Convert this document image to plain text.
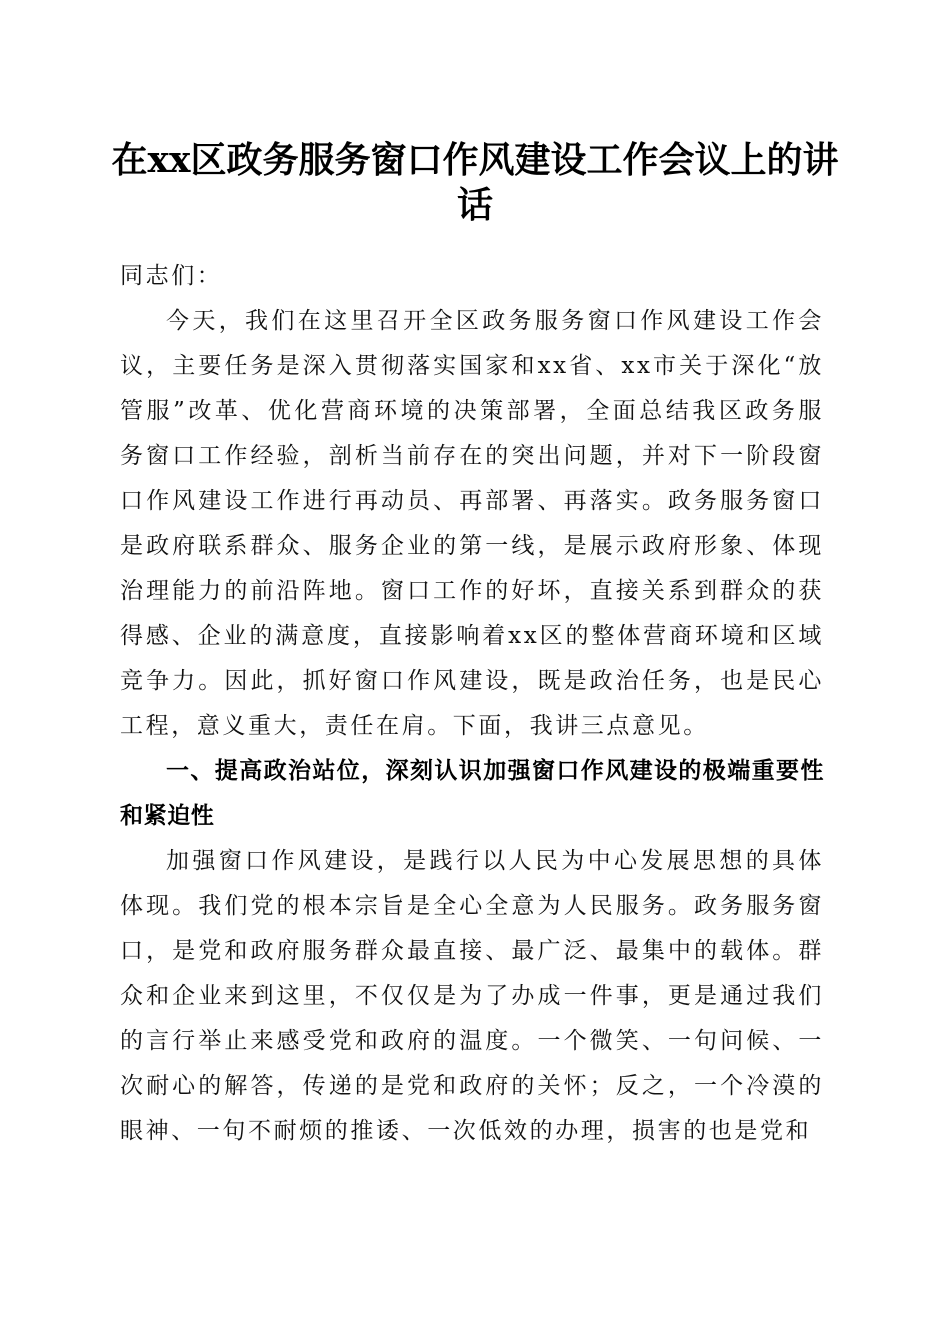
在xx区政务服务窗口作风建设工作会议上的讲话

同志们：

今天，我们在这里召开全区政务服务窗口作风建设工作会议，主要任务是深入贯彻落实国家和xx省、xx市关于深化“放管服”改革、优化营商环境的决策部署，全面总结我区政务服务窗口工作经验，剖析当前存在的突出问题，并对下一阶段窗口作风建设工作进行再动员、再部署、再落实。政务服务窗口是政府联系群众、服务企业的第一线，是展示政府形象、体现治理能力的前沿阵地。窗口工作的好坏，直接关系到群众的获得感、企业的满意度，直接影响着xx区的整体营商环境和区域竞争力。因此，抓好窗口作风建设，既是政治任务，也是民心工程，意义重大，责任在肩。下面，我讲三点意见。

一、提高政治站位，深刻认识加强窗口作风建设的极端重要性和紧迫性

加强窗口作风建设，是践行以人民为中心发展思想的具体体现。我们党的根本宗旨是全心全意为人民服务。政务服务窗口，是党和政府服务群众最直接、最广泛、最集中的载体。群众和企业来到这里，不仅仅是为了办成一件事，更是通过我们的言行举止来感受党和政府的温度。一个微笑、一句问候、一次耐心的解答，传递的是党和政府的关怀；反之，一个冷漠的眼神、一句不耐烦的推诿、一次低效的办理，损害的也是党和
